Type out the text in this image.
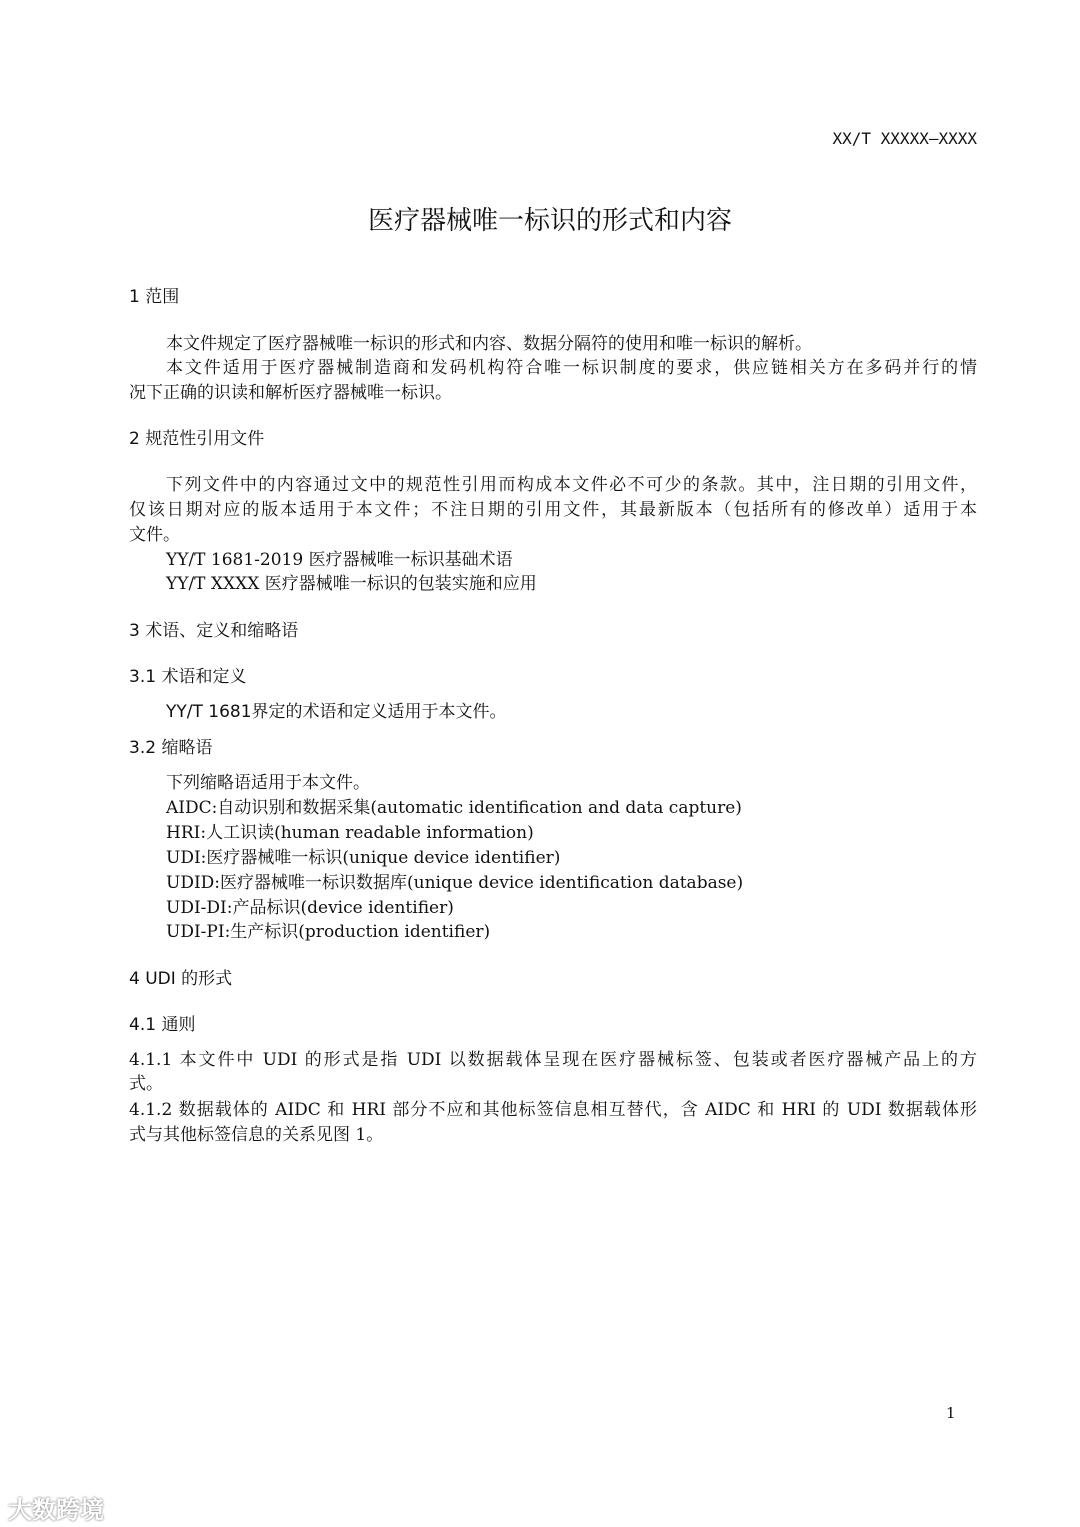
XX/T XXXXX—XXXX
医疗器械唯一标识的形式和内容
1 范围
本文件规定了医疗器械唯一标识的形式和内容、数据分隔符的使用和唯一标识的解析。
本文件适用于医疗器械制造商和发码机构符合唯一标识制度的要求，供应链相关方在多码并行的情
况下正确的识读和解析医疗器械唯一标识。
2 规范性引用文件
下列文件中的内容通过文中的规范性引用而构成本文件必不可少的条款。其中，注日期的引用文件，
仅该日期对应的版本适用于本文件；不注日期的引用文件，其最新版本（包括所有的修改单）适用于本
文件。
YY/T 1681-2019 医疗器械唯一标识基础术语
YY/T XXXX 医疗器械唯一标识的包装实施和应用
3 术语、定义和缩略语
3.1 术语和定义
YY/T 1681界定的术语和定义适用于本文件。
3.2 缩略语
下列缩略语适用于本文件。
AIDC:自动识别和数据采集(automatic identification and data capture)
HRI:人工识读(human readable information)
UDI:医疗器械唯一标识(unique device identifier)
UDID:医疗器械唯一标识数据库(unique device identification database)
UDI-DI:产品标识(device identifier)
UDI-PI:生产标识(production identifier)
4 UDI 的形式
4.1 通则
4.1.1 本文件中 UDI 的形式是指 UDI 以数据载体呈现在医疗器械标签、包装或者医疗器械产品上的方
式。
4.1.2 数据载体的 AIDC 和 HRI 部分不应和其他标签信息相互替代，含 AIDC 和 HRI 的 UDI 数据载体形
式与其他标签信息的关系见图 1。
1
大数跨境
